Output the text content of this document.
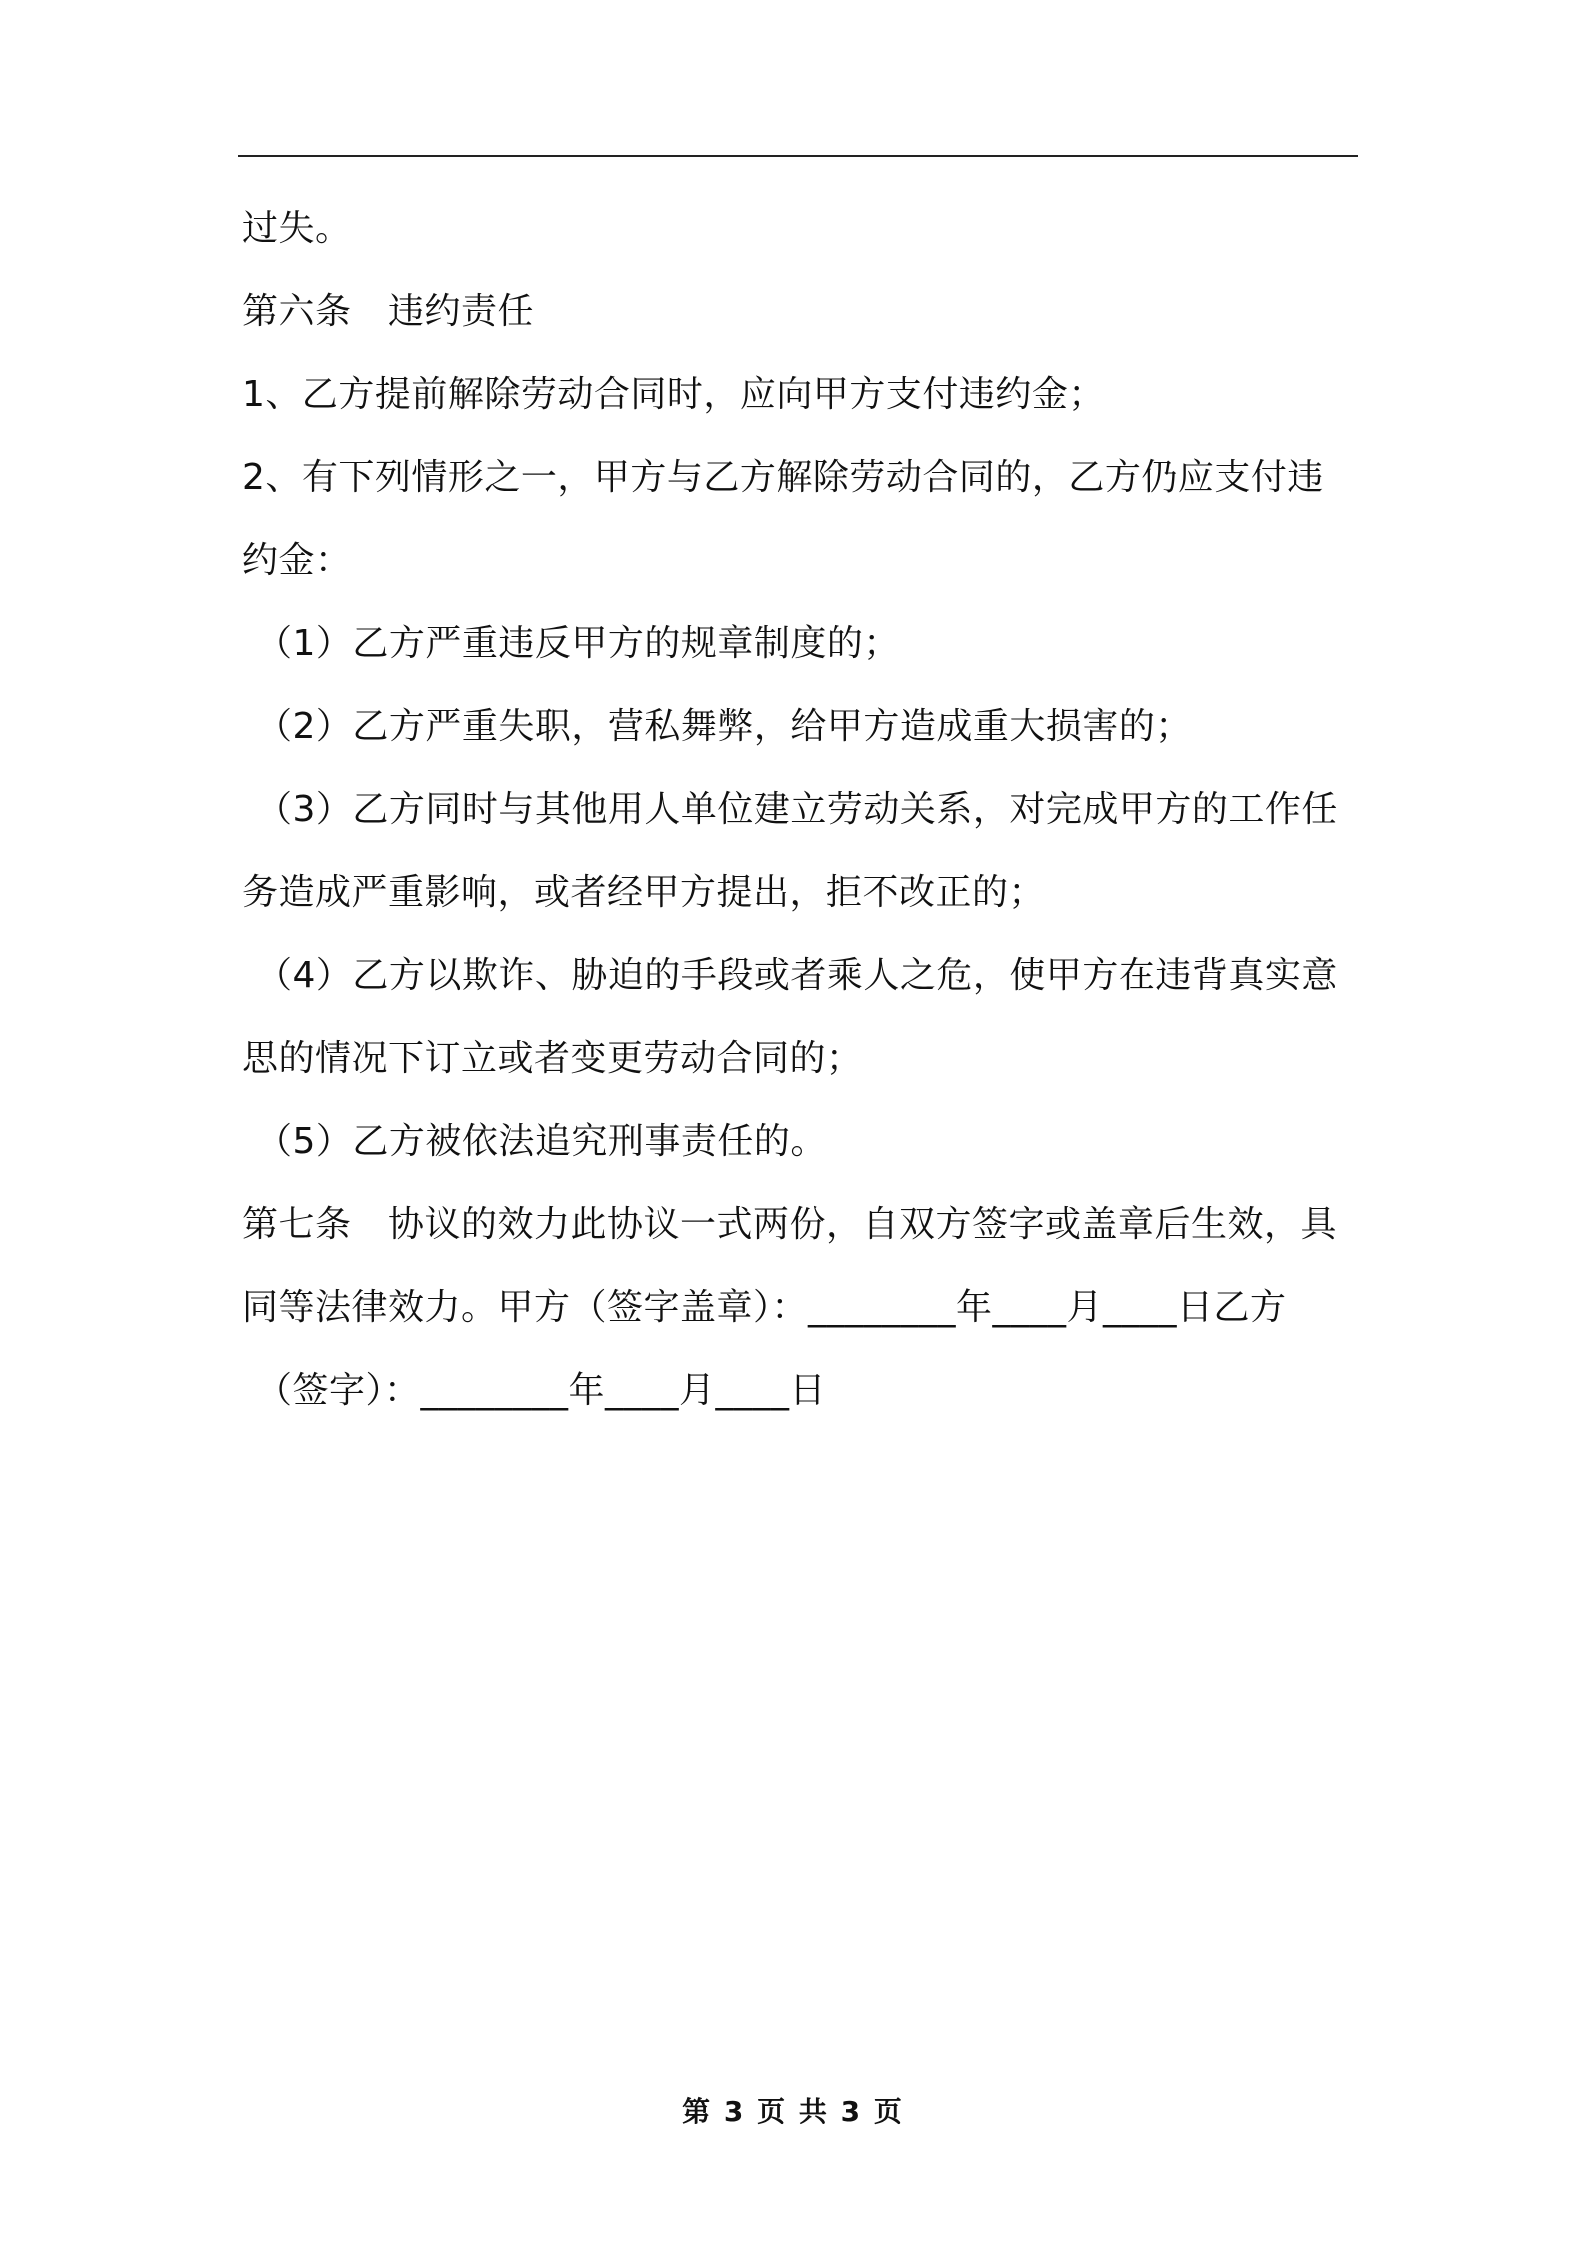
过失。
第六条　违约责任
1、乙方提前解除劳动合同时，应向甲方支付违约金；
2、有下列情形之一，甲方与乙方解除劳动合同的，乙方仍应支付违
约金：
（1）乙方严重违反甲方的规章制度的；
（2）乙方严重失职，营私舞弊，给甲方造成重大损害的；
（3）乙方同时与其他用人单位建立劳动关系，对完成甲方的工作任
务造成严重影响，或者经甲方提出，拒不改正的；
（4）乙方以欺诈、胁迫的手段或者乘人之危，使甲方在违背真实意
思的情况下订立或者变更劳动合同的；
（5）乙方被依法追究刑事责任的。
第七条　协议的效力此协议一式两份，自双方签字或盖章后生效，具
同等法律效力。甲方（签字盖章）：________年____月____日乙方
（签字）：________年____月____日
第 3 页 共 3 页
